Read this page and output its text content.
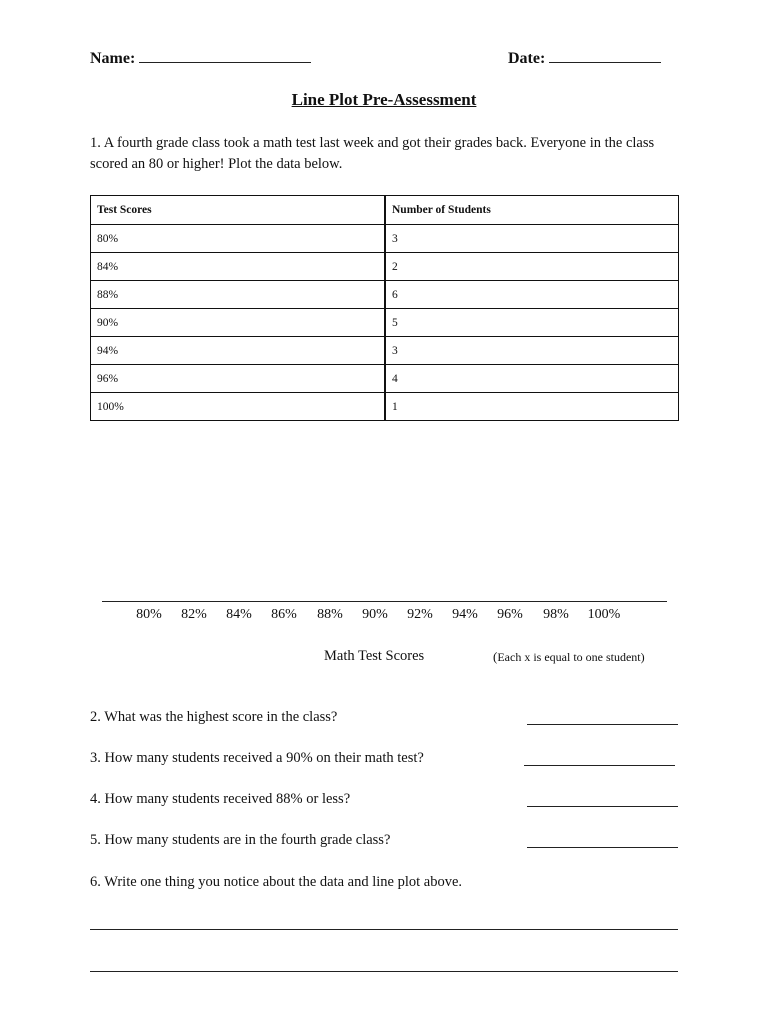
Name:	Date:
Line Plot Pre-Assessment
1. A fourth grade class took a math test last week and got their grades back. Everyone in the class scored an 80 or higher! Plot the data below.
Test Scores	Number of Students
80%	3
84%	2
88%	6
90%	5
94%	3
96%	4
100%	1
80% 82% 84% 86% 88% 90% 92% 94% 96% 98% 100%
Math Test Scores	(Each x is equal to one student)
2. What was the highest score in the class?
3. How many students received a 90% on their math test?
4. How many students received 88% or less?
5. How many students are in the fourth grade class?
6. Write one thing you notice about the data and line plot above.
